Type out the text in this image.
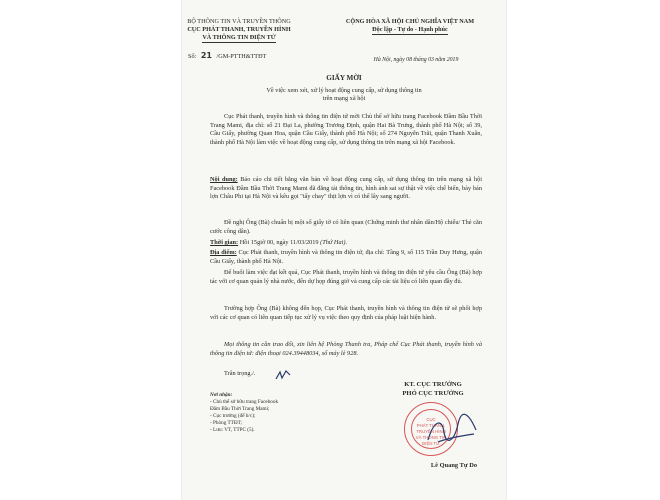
BỘ THÔNG TIN VÀ TRUYỀN THÔNG
CỤC PHÁT THANH, TRUYỀN HÌNH
VÀ THÔNG TIN ĐIỆN TỬ
Số: 21 /GM-PTTH&TTĐT
CỘNG HÒA XÃ HỘI CHỦ NGHĨA VIỆT NAM
Độc lập - Tự do - Hạnh phúc
Hà Nội, ngày 08 tháng 03 năm 2019
GIẤY MỜI
Về việc xem xét, xử lý hoạt động cung cấp, sử dụng thông tin trên mạng xã hội
Cục Phát thanh, truyền hình và thông tin điện tử mời Chủ thể sở hữu trang Facebook Đầm Bầu Thời Trang Mami, địa chỉ: số 21 Đại La, phường Trương Định, quận Hai Bà Trưng, thành phố Hà Nội; số 39, Cầu Giấy, phường Quan Hoa, quận Cầu Giấy, thành phố Hà Nội; số 274 Nguyễn Trãi, quận Thanh Xuân, thành phố Hà Nội làm việc về hoạt động cung cấp, sử dụng thông tin trên mạng xã hội Facebook.
Nội dung: Báo cáo chi tiết bằng văn bản về hoạt động cung cấp, sử dụng thông tin trên mạng xã hội Facebook Đầm Bầu Thời Trang Mami đã đăng tải thông tin, hình ảnh sai sự thật về việc chế biến, bày bán lợn Châu Phi tại Hà Nội và kêu gọi "tẩy chay" thịt lợn vì có thể lây sang người.
Đề nghị Ông (Bà) chuẩn bị một số giấy tờ có liên quan (Chứng minh thư nhân dân/Hộ chiếu/ Thẻ căn cước công dân).
Thời gian: Hồi 15giờ 00, ngày 11/03/2019 (Thứ Hai).
Địa điểm: Cục Phát thanh, truyền hình và thông tin điện tử, địa chỉ: Tầng 9, số 115 Trần Duy Hưng, quận Cầu Giấy, thành phố Hà Nội.
Để buổi làm việc đạt kết quả, Cục Phát thanh, truyền hình và thông tin điện tử yêu cầu Ông (Bà) hợp tác với cơ quan quản lý nhà nước, đến dự họp đúng giờ và cung cấp các tài liệu có liên quan đầy đủ.
Trường hợp Ông (Bà) không đến họp, Cục Phát thanh, truyền hình và thông tin điện tử sẽ phối hợp với các cơ quan có liên quan tiếp tục xử lý vụ việc theo quy định của pháp luật hiện hành.
Mọi thông tin cần trao đổi, xin liên hệ Phòng Thanh tra, Pháp chế Cục Phát thanh, truyền hình và thông tin điện tử: điện thoại 024.39448034, số máy lẻ 928.
Trân trọng./.
Nơi nhận:
- Chủ thể sở hữu trang Facebook
Đầm Bầu Thời Trang Mami;
- Cục trưởng (để b/c);
- Phòng TTĐT;
- Lưu: VT, TTPC (5).
KT. CỤC TRƯỞNG
PHÓ CỤC TRƯỞNG
CỤC
PHÁT THANH,
TRUYỀN HÌNH
VÀ THÔNG TIN
ĐIỆN TỬ
Lê Quang Tự Do
